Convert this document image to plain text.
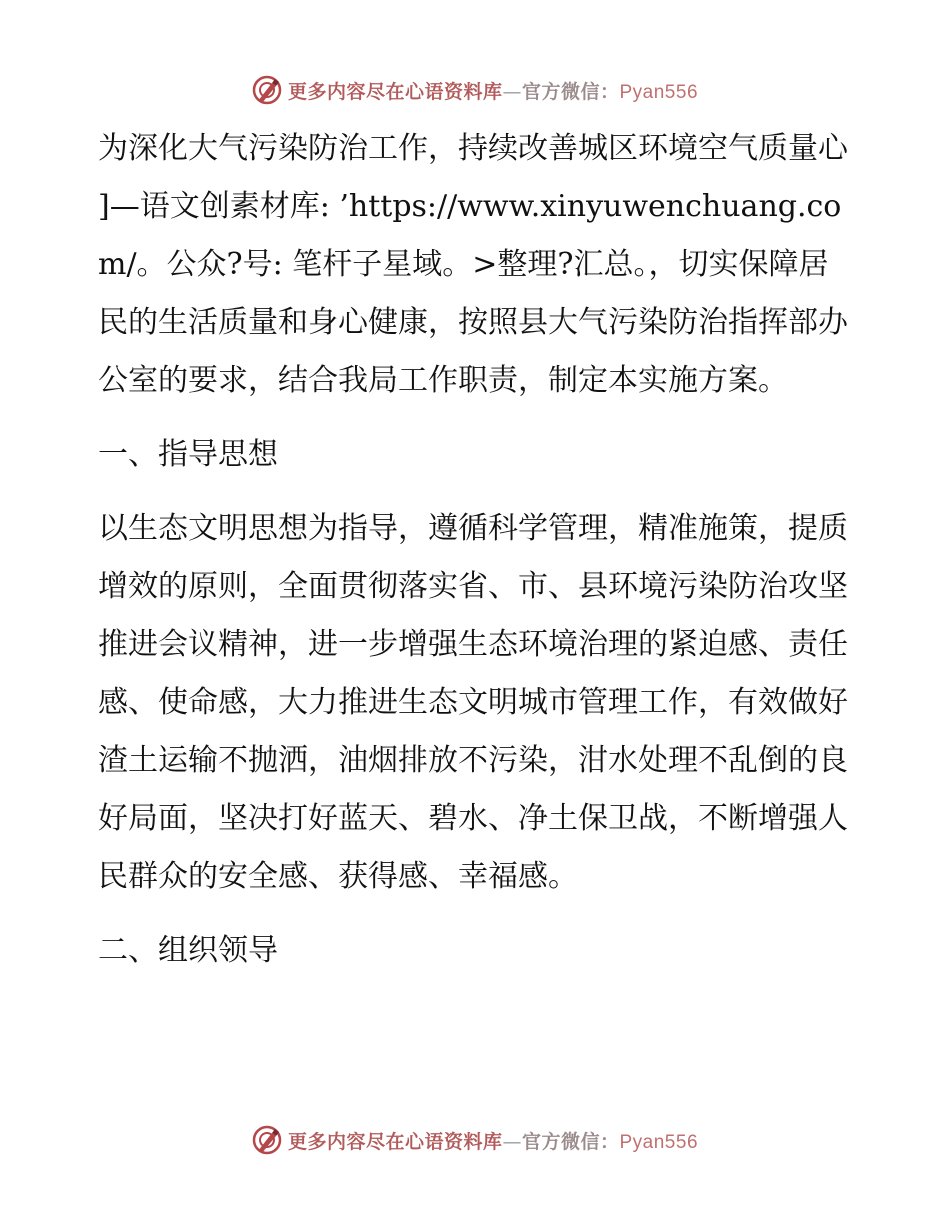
更多内容尽在心语资料库—官方微信：Pyan556

为深化大气污染防治工作，持续改善城区环境空气质量心]—语文创素材库: ’https://www.xinyuwenchuang.com/。公众?号: 笔杆子星域。>整理?汇总。，切实保障居民的生活质量和身心健康，按照县大气污染防治指挥部办公室的要求，结合我局工作职责，制定本实施方案。

一、指导思想

以生态文明思想为指导，遵循科学管理，精准施策，提质增效的原则，全面贯彻落实省、市、县环境污染防治攻坚推进会议精神，进一步增强生态环境治理的紧迫感、责任感、使命感，大力推进生态文明城市管理工作，有效做好渣土运输不抛洒，油烟排放不污染，泔水处理不乱倒的良好局面，坚决打好蓝天、碧水、净土保卫战，不断增强人民群众的安全感、获得感、幸福感。

二、组织领导

更多内容尽在心语资料库—官方微信：Pyan556
